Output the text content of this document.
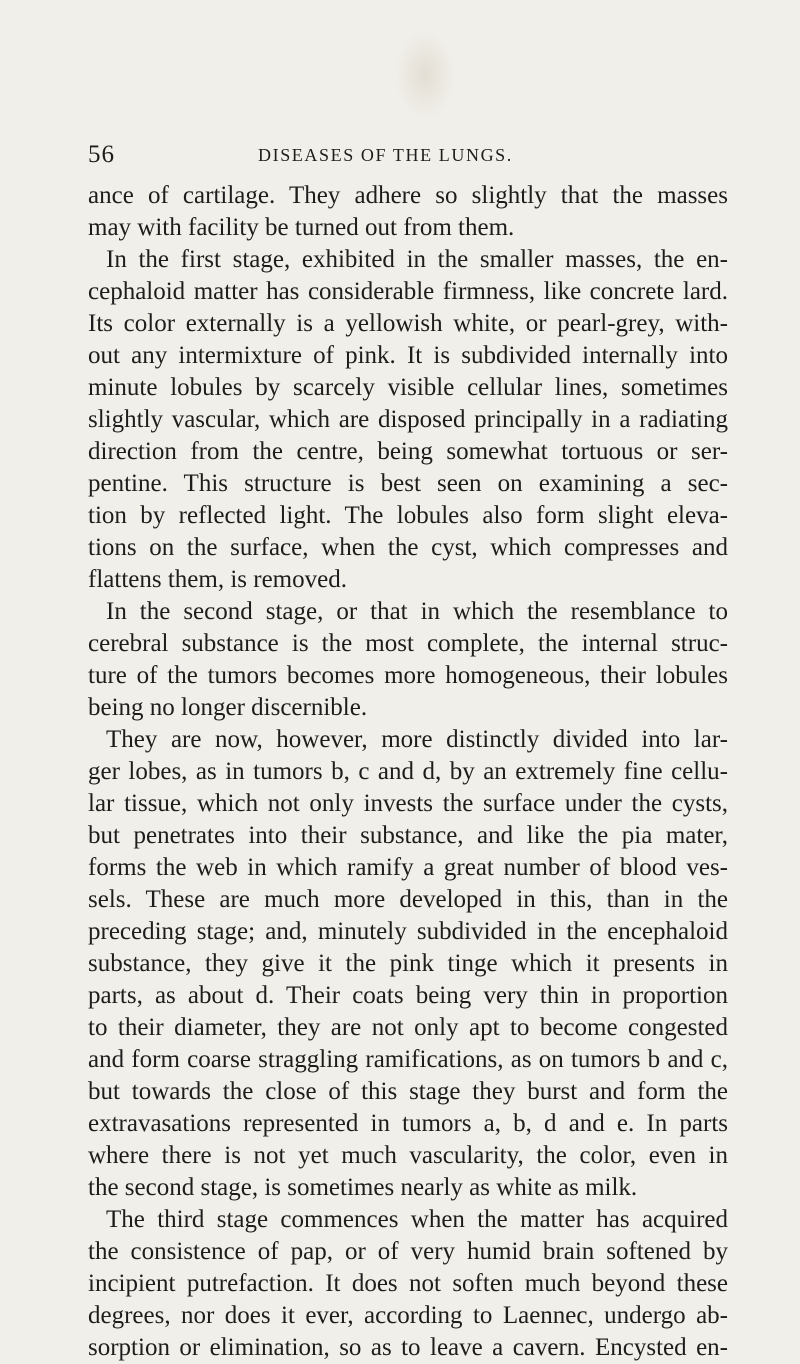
56	DISEASES OF THE LUNGS.
ance of cartilage. They adhere so slightly that the masses
may with facility be turned out from them.
In the first stage, exhibited in the smaller masses, the en-
cephaloid matter has considerable firmness, like concrete lard.
Its color externally is a yellowish white, or pearl-grey, with-
out any intermixture of pink. It is subdivided internally into
minute lobules by scarcely visible cellular lines, sometimes
slightly vascular, which are disposed principally in a radiating
direction from the centre, being somewhat tortuous or ser-
pentine. This structure is best seen on examining a sec-
tion by reflected light. The lobules also form slight eleva-
tions on the surface, when the cyst, which compresses and
flattens them, is removed.
In the second stage, or that in which the resemblance to
cerebral substance is the most complete, the internal struc-
ture of the tumors becomes more homogeneous, their lobules
being no longer discernible.
They are now, however, more distinctly divided into lar-
ger lobes, as in tumors b, c and d, by an extremely fine cellu-
lar tissue, which not only invests the surface under the cysts,
but penetrates into their substance, and like the pia mater,
forms the web in which ramify a great number of blood ves-
sels. These are much more developed in this, than in the
preceding stage; and, minutely subdivided in the encephaloid
substance, they give it the pink tinge which it presents in
parts, as about d. Their coats being very thin in proportion
to their diameter, they are not only apt to become congested
and form coarse straggling ramifications, as on tumors b and c,
but towards the close of this stage they burst and form the
extravasations represented in tumors a, b, d and e. In parts
where there is not yet much vascularity, the color, even in
the second stage, is sometimes nearly as white as milk.
The third stage commences when the matter has acquired
the consistence of pap, or of very humid brain softened by
incipient putrefaction. It does not soften much beyond these
degrees, nor does it ever, according to Laennec, undergo ab-
sorption or elimination, so as to leave a cavern. Encysted en-
